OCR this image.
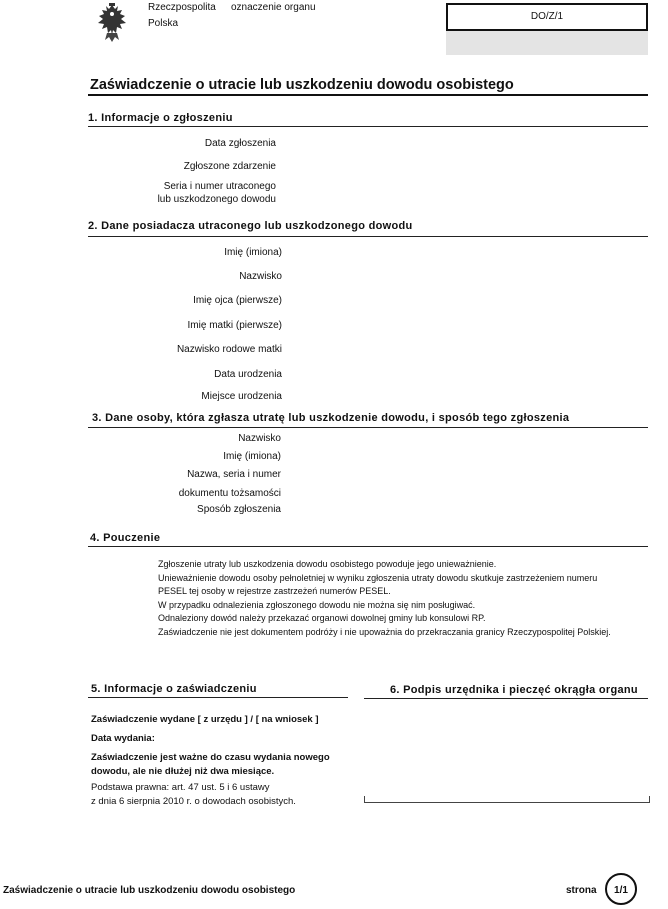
Rzeczpospolita
Polska
oznaczenie organu
DO/Z/1
Zaświadczenie o utracie lub uszkodzeniu dowodu osobistego
1. Informacje o zgłoszeniu
Data zgłoszenia
Zgłoszone zdarzenie
Seria i numer utraconego
lub uszkodzonego dowodu
2. Dane posiadacza utraconego lub uszkodzonego dowodu
Imię (imiona)
Nazwisko
Imię ojca (pierwsze)
Imię matki (pierwsze)
Nazwisko rodowe matki
Data urodzenia
Miejsce urodzenia
3. Dane osoby, która zgłasza utratę lub uszkodzenie dowodu, i sposób tego zgłoszenia
Nazwisko
Imię (imiona)
Nazwa, seria i numer
dokumentu tożsamości
Sposób zgłoszenia
4. Pouczenie
Zgłoszenie utraty lub uszkodzenia dowodu osobistego powoduje jego unieważnienie.
Unieważnienie dowodu osoby pełnoletniej w wyniku zgłoszenia utraty dowodu skutkuje zastrzeżeniem numeru
PESEL tej osoby w rejestrze zastrzeżeń numerów PESEL.
W przypadku odnalezienia zgłoszonego dowodu nie można się nim posługiwać.
Odnaleziony dowód należy przekazać organowi dowolnej gminy lub konsulowi RP.
Zaświadczenie nie jest dokumentem podróży i nie upoważnia do przekraczania granicy Rzeczypospolitej Polskiej.
5. Informacje o zaświadczeniu
Zaświadczenie wydane [ z urzędu ] / [ na wniosek ]
Data wydania:
Zaświadczenie jest ważne do czasu wydania nowego
dowodu, ale nie dłużej niż dwa miesiące.
Podstawa prawna: art. 47 ust. 5 i 6 ustawy
z dnia 6 sierpnia 2010 r. o dowodach osobistych.
6. Podpis urzędnika i pieczęć okrągła organu
Zaświadczenie o utracie lub uszkodzeniu dowodu osobistego	strona	1/1
